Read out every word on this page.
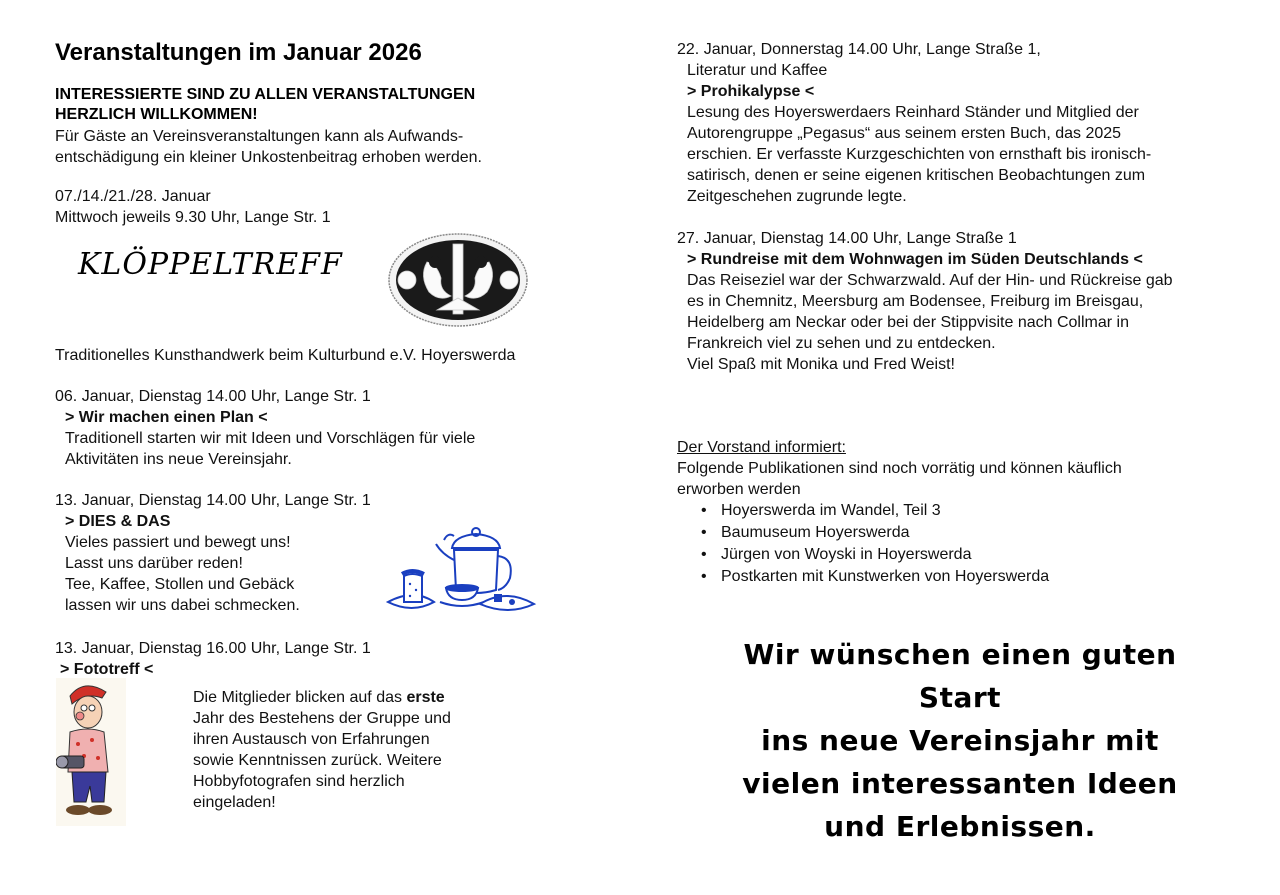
Veranstaltungen im Januar 2026
INTERESSIERTE SIND ZU ALLEN VERANSTALTUNGEN
HERZLICH WILLKOMMEN!
Für Gäste an Vereinsveranstaltungen kann als Aufwands-
entschädigung ein kleiner Unkostenbeitrag erhoben werden.
07./14./21./28. Januar
Mittwoch jeweils 9.30 Uhr, Lange Str. 1
KLÖPPELTREFF
Traditionelles Kunsthandwerk beim Kulturbund e.V. Hoyerswerda
06. Januar, Dienstag 14.00 Uhr, Lange Str. 1
> Wir machen einen Plan <
Traditionell starten wir mit Ideen und Vorschlägen für viele
Aktivitäten ins neue Vereinsjahr.
13. Januar, Dienstag 14.00 Uhr, Lange Str. 1
> DIES & DAS
Vieles passiert und bewegt uns!
Lasst uns darüber reden!
Tee, Kaffee, Stollen und Gebäck
lassen wir uns dabei schmecken.
13. Januar, Dienstag 16.00 Uhr, Lange Str. 1
> Fototreff <
Die Mitglieder blicken auf das erste
Jahr des Bestehens der Gruppe und
ihren Austausch von Erfahrungen
sowie Kenntnissen zurück. Weitere
Hobbyfotografen sind herzlich
eingeladen!
22. Januar, Donnerstag 14.00 Uhr, Lange Straße 1,
Literatur und Kaffee
> Prohikalypse <
Lesung des Hoyerswerdaers Reinhard Ständer und Mitglied der
Autorengruppe „Pegasus“ aus seinem ersten Buch, das 2025
erschien. Er verfasste Kurzgeschichten von ernsthaft bis ironisch-
satirisch, denen er seine eigenen kritischen Beobachtungen zum
Zeitgeschehen zugrunde legte.
27. Januar, Dienstag 14.00 Uhr, Lange Straße 1
> Rundreise mit dem Wohnwagen im Süden Deutschlands <
Das Reiseziel war der Schwarzwald. Auf der Hin- und Rückreise gab
es in Chemnitz, Meersburg am Bodensee, Freiburg im Breisgau,
Heidelberg am Neckar oder bei der Stippvisite nach Collmar in
Frankreich viel zu sehen und zu entdecken.
Viel Spaß mit Monika und Fred Weist!
Der Vorstand informiert:
Folgende Publikationen sind noch vorrätig und können käuflich
erworben werden
• Hoyerswerda im Wandel, Teil 3
• Baumuseum Hoyerswerda
• Jürgen von Woyski in Hoyerswerda
• Postkarten mit Kunstwerken von Hoyerswerda
Wir wünschen einen guten Start
ins neue Vereinsjahr mit
vielen interessanten Ideen
und Erlebnissen.
